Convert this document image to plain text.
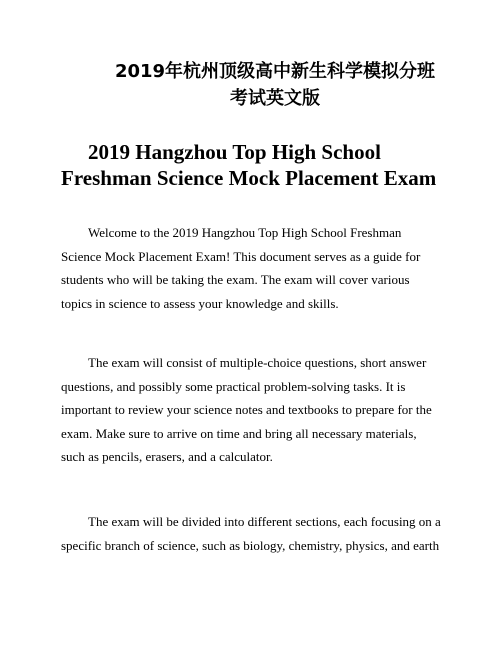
2019年杭州顶级高中新生科学模拟分班
考试英文版
2019 Hangzhou Top High School
Freshman Science Mock Placement Exam
Welcome to the 2019 Hangzhou Top High School Freshman
Science Mock Placement Exam! This document serves as a guide for
students who will be taking the exam. The exam will cover various
topics in science to assess your knowledge and skills.
The exam will consist of multiple-choice questions, short answer
questions, and possibly some practical problem-solving tasks. It is
important to review your science notes and textbooks to prepare for the
exam. Make sure to arrive on time and bring all necessary materials,
such as pencils, erasers, and a calculator.
The exam will be divided into different sections, each focusing on a
specific branch of science, such as biology, chemistry, physics, and earth
